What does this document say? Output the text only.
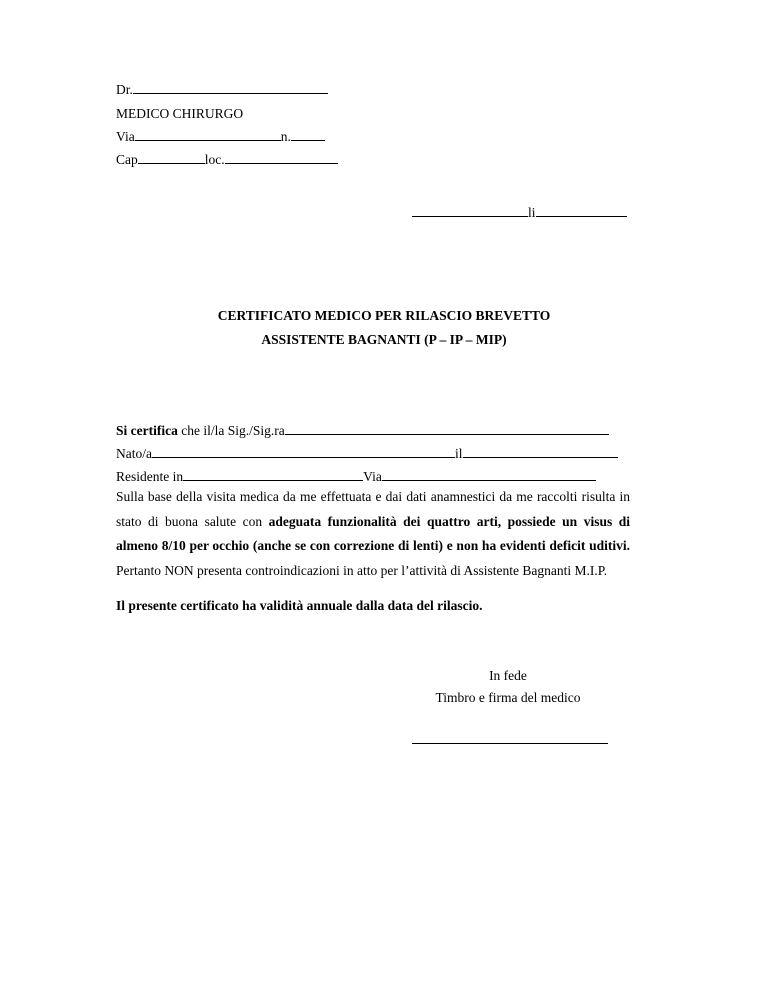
Dr.
MEDICO CHIRURGO
Via	n.
Cap	loc.
li
CERTIFICATO MEDICO PER RILASCIO BREVETTO
ASSISTENTE BAGNANTI (P – IP – MIP)
Si certifica che il/la Sig./Sig.ra
Nato/a	il
Residente in	Via
Sulla base della visita medica da me effettuata e dai dati anamnestici da me raccolti risulta in stato di buona salute con adeguata funzionalità dei quattro arti, possiede un visus di almeno 8/10 per occhio (anche se con correzione di lenti) e non ha evidenti deficit uditivi. Pertanto NON presenta controindicazioni in atto per l’attività di Assistente Bagnanti M.I.P.
Il presente certificato ha validità annuale dalla data del rilascio.
In fede
Timbro e firma del medico
